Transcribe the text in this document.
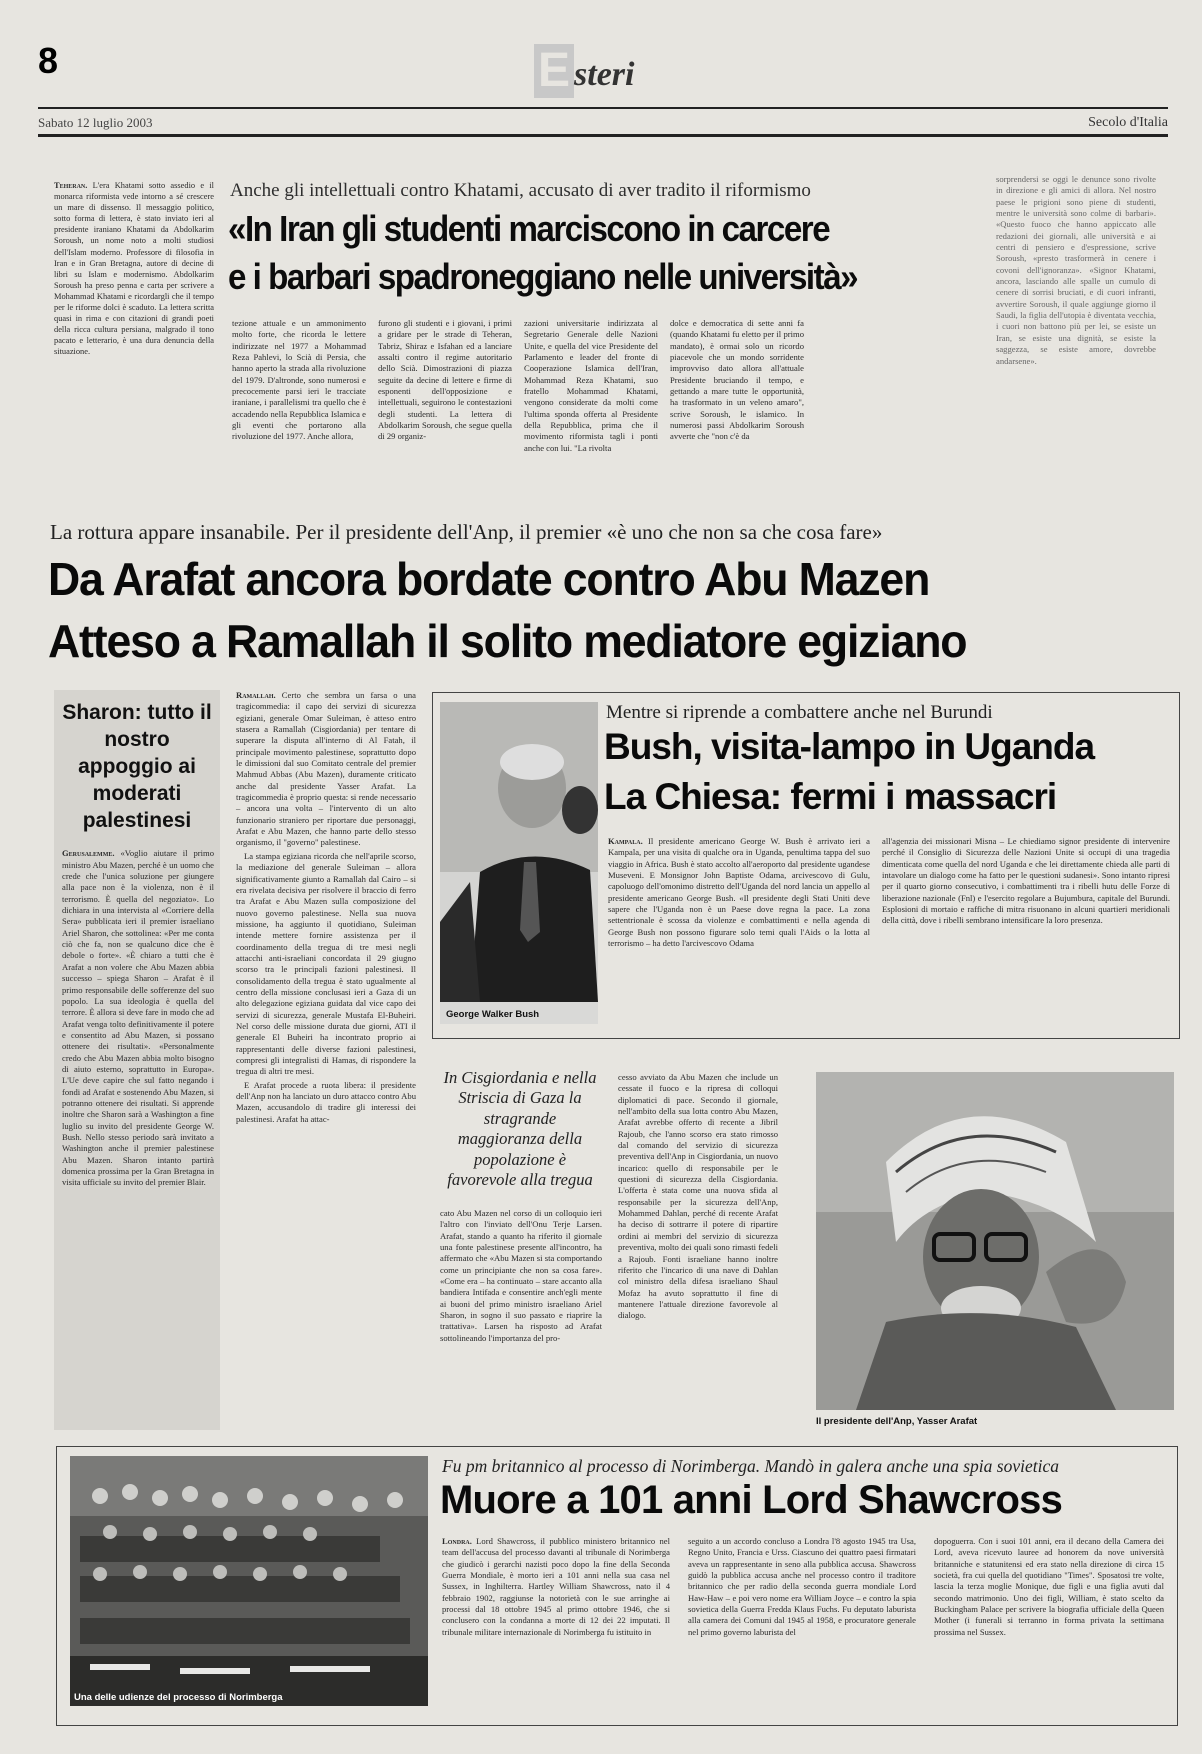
8	E steri
Sabato 12 luglio 2003	Secolo d'Italia
Teheran. L'era Khatami sotto assedio e il monarca riformista vede intorno a sé crescere un mare di dissenso. Il messaggio politico, sotto forma di lettera, è stato inviato ieri al presidente iraniano Khatami da Abdolkarim Soroush, un nome noto a molti studiosi dell'Islam moderno. Professore di filosofia in Iran e in Gran Bretagna, autore di decine di libri su Islam e modernismo. Abdolkarim Soroush ha preso penna e carta per scrivere a Mohammad Khatami e ricordargli che il tempo per le riforme dolci è scaduto. La lettera scritta quasi in rima e con citazioni di grandi poeti della ricca cultura persiana, malgrado il tono pacato e letterario, è una dura denuncia della situazione.
Anche gli intellettuali contro Khatami, accusato di aver tradito il riformismo
«In Iran gli studenti marciscono in carcere
e i barbari spadroneggiano nelle università»
tezione attuale e un ammonimento molto forte, che ricorda le lettere indirizzate nel 1977 a Mohammad Reza Pahlevi, lo Scià di Persia, che hanno aperto la strada alla rivoluzione del 1979. D'altronde, sono numerosi e precocemente parsi ieri le tracciate iraniane, i parallelismi tra quello che è accadendo nella Repubblica Islamica e gli eventi che portarono alla rivoluzione del 1977. Anche allora,
furono gli studenti e i giovani, i primi a gridare per le strade di Teheran, Tabriz, Shiraz e Isfahan ed a lanciare assalti contro il regime autoritario dello Scià. Dimostrazioni di piazza seguite da decine di lettere e firme di esponenti dell'opposizione e intellettuali, seguirono le contestazioni degli studenti. La lettera di Abdolkarim Soroush, che segue quella di 29 organiz-
zazioni universitarie indirizzata al Segretario Generale delle Nazioni Unite, e quella del vice Presidente del Parlamento e leader del fronte di Cooperazione Islamica dell'Iran, Mohammad Reza Khatami, suo fratello Mohammad Khatami, vengono considerate da molti come l'ultima sponda offerta al Presidente della Repubblica, prima che il movimento riformista tagli i ponti anche con lui. "La rivolta
dolce e democratica di sette anni fa (quando Khatami fu eletto per il primo mandato), è ormai solo un ricordo piacevole che un mondo sorridente improvviso dato allora all'attuale Presidente bruciando il tempo, e gettando a mare tutte le opportunità, ha trasformato in un veleno amaro", scrive Soroush, le islamico. In numerosi passi Abdolkarim Soroush avverte che "non c'è da
sorprendersi se oggi le denunce sono rivolte in direzione e gli amici di allora. Nel nostro paese le prigioni sono piene di studenti, mentre le università sono colme di barbari». «Questo fuoco che hanno appiccato alle redazioni dei giornali, alle università e ai centri di pensiero e d'espressione, scrive Soroush, «presto trasformerà in cenere i covoni dell'ignoranza». «Signor Khatami, ancora, lasciando alle spalle un cumulo di cenere di sorrisi bruciati, e di cuori infranti, avvertire Soroush, il quale aggiunge giorno il Saudi, la figlia dell'utopia è diventata vecchia, i cuori non battono più per lei, se esiste un Iran, se esiste una dignità, se esiste la saggezza, se esiste amore, dovrebbe andarsene».
La rottura appare insanabile. Per il presidente dell'Anp, il premier «è uno che non sa che cosa fare»
Da Arafat ancora bordate contro Abu Mazen
Atteso a Ramallah il solito mediatore egiziano
Sharon: tutto il nostro appoggio ai moderati palestinesi
Gerusalemme. «Voglio aiutare il primo ministro Abu Mazen, perché è un uomo che crede che l'unica soluzione per giungere alla pace non è la violenza, non è il terrorismo. È quella del negoziato». Lo dichiara in una intervista al «Corriere della Sera» pubblicata ieri il premier israeliano Ariel Sharon, che sottolinea: «Per me conta ciò che fa, non se qualcuno dice che è debole o forte». «È chiaro a tutti che è Arafat a non volere che Abu Mazen abbia successo – spiega Sharon – Arafat è il primo responsabile delle sofferenze del suo popolo. La sua ideologia è quella del terrore. È allora si deve fare in modo che ad Arafat venga tolto definitivamente il potere e consentito ad Abu Mazen, si possano ottenere dei risultati». «Personalmente credo che Abu Mazen abbia molto bisogno di aiuto esterno, soprattutto in Europa». L'Ue deve capire che sul fatto negando i fondi ad Arafat e sostenendo Abu Mazen, si potranno ottenere dei risultati. Si apprende inoltre che Sharon sarà a Washington a fine luglio su invito del presidente George W. Bush. Nello stesso periodo sarà invitato a Washington anche il premier palestinese Abu Mazen. Sharon intanto partirà domenica prossima per la Gran Bretagna in visita ufficiale su invito del premier Blair.

Ramallah. Certo che sembra un farsa o una tragicommedia: il capo dei servizi di sicurezza egiziani, generale Omar Suleiman, è atteso entro stasera a Ramallah (Cisgiordania) per tentare di superare la disputa all'interno di Al Fatah, il principale movimento palestinese, soprattutto dopo le dimissioni dal suo Comitato centrale del premier Mahmud Abbas (Abu Mazen), duramente criticato anche dal presidente Yasser Arafat. La tragicommedia è proprio questa: si rende necessario – ancora una volta – l'intervento di un alto funzionario straniero per riportare due personaggi, Arafat e Abu Mazen, che hanno parte dello stesso organismo, il "governo" palestinese.

La stampa egiziana ricorda che nell'aprile scorso, la mediazione del generale Suleiman – allora significativamente giunto a Ramallah dal Cairo – si era rivelata decisiva per risolvere il braccio di ferro tra Arafat e Abu Mazen sulla composizione del nuovo governo palestinese. Nella sua nuova missione, ha aggiunto il quotidiano, Suleiman intende mettere fornire assistenza per il coordinamento della tregua di tre mesi negli attacchi anti-israeliani concordata il 29 giugno scorso tra le principali fazioni palestinesi. Il consolidamento della tregua è stato ugualmente al centro della missione conclusasi ieri a Gaza di un alto delegazione egiziana guidata dal vice capo dei servizi di sicurezza, generale Mustafa El-Buheiri. Nel corso delle missione durata due giorni, ATI il generale El Buheiri ha incontrato proprio ai rappresentanti delle diverse fazioni palestinesi, compresi gli integralisti di Hamas, di rispondere la tregua di altri tre mesi.

E Arafat procede a ruota libera: il presidente dell'Anp non ha lanciato un duro attacco contro Abu Mazen, accusandolo di tradire gli interessi dei palestinesi. Arafat ha attac-

George Walker Bush
Mentre si riprende a combattere anche nel Burundi
Bush, visita-lampo in Uganda
La Chiesa: fermi i massacri
Kampala. Il presidente americano George W. Bush è arrivato ieri a Kampala, per una visita di qualche ora in Uganda, penultima tappa del suo viaggio in Africa. Bush è stato accolto all'aeroporto dal presidente ugandese Museveni. E Monsignor John Baptiste Odama, arcivescovo di Gulu, capoluogo dell'omonimo distretto dell'Uganda del nord lancia un appello al presidente americano George Bush. «Il presidente degli Stati Uniti deve sapere che l'Uganda non è un Paese dove regna la pace. La zona settentrionale è scossa da violenze e combattimenti e nella agenda di George Bush non possono figurare solo temi quali l'Aids o la lotta al terrorismo – ha detto l'arcivescovo Odama
all'agenzia dei missionari Misna – Le chiediamo signor presidente di intervenire perché il Consiglio di Sicurezza delle Nazioni Unite si occupi di una tragedia dimenticata come quella del nord Uganda e che lei direttamente chieda alle parti di intavolare un dialogo come ha fatto per le questioni sudanesi». Sono intanto ripresi per il quarto giorno consecutivo, i combattimenti tra i ribelli hutu delle Forze di liberazione nazionale (Fnl) e l'esercito regolare a Bujumbura, capitale del Burundi. Esplosioni di mortaio e raffiche di mitra risuonano in alcuni quartieri meridionali della città, dove i ribelli sembrano intensificare la loro presenza.
In Cisgiordania e nella Striscia di Gaza la stragrande maggioranza della popolazione è favorevole alla tregua
cato Abu Mazen nel corso di un colloquio ieri l'altro con l'inviato dell'Onu Terje Larsen. Arafat, stando a quanto ha riferito il giornale una fonte palestinese presente all'incontro, ha affermato che «Abu Mazen si sta comportando come un principiante che non sa cosa fare». «Come era – ha continuato – stare accanto alla bandiera Intifada e consentire anch'egli mente ai buoni del primo ministro israeliano Ariel Sharon, in sogno il suo passato e riaprire la trattativa». Larsen ha risposto ad Arafat sottolineando l'importanza del pro-
cesso avviato da Abu Mazen che include un cessate il fuoco e la ripresa di colloqui diplomatici di pace. Secondo il giornale, nell'ambito della sua lotta contro Abu Mazen, Arafat avrebbe offerto di recente a Jibril Rajoub, che l'anno scorso era stato rimosso dal comando del servizio di sicurezza preventiva dell'Anp in Cisgiordania, un nuovo incarico: quello di responsabile per le questioni di sicurezza della Cisgiordania. L'offerta è stata come una nuova sfida al responsabile per la sicurezza dell'Anp, Mohammed Dahlan, perché di recente Arafat ha deciso di sottrarre il potere di ripartire ordini ai membri del servizio di sicurezza preventiva, molto dei quali sono rimasti fedeli a Rajoub. Fonti israeliane hanno inoltre riferito che l'incarico di una nave di Dahlan col ministro della difesa israeliano Shaul Mofaz ha avuto soprattutto il fine di mantenere l'attuale direzione favorevole al dialogo.
Il presidente dell'Anp, Yasser Arafat
Una delle udienze del processo di Norimberga
Fu pm britannico al processo di Norimberga. Mandò in galera anche una spia sovietica
Muore a 101 anni Lord Shawcross
Londra. Lord Shawcross, il pubblico ministero britannico nel team dell'accusa del processo davanti al tribunale di Norimberga che giudicò i gerarchi nazisti poco dopo la fine della Seconda Guerra Mondiale, è morto ieri a 101 anni nella sua casa nel Sussex, in Inghilterra. Hartley William Shawcross, nato il 4 febbraio 1902, raggiunse la notorietà con le sue arringhe ai processi dal 18 ottobre 1945 al primo ottobre 1946, che si conclusero con la condanna a morte di 12 dei 22 imputati. Il tribunale militare internazionale di Norimberga fu istituito in
seguito a un accordo concluso a Londra l'8 agosto 1945 tra Usa, Regno Unito, Francia e Urss. Ciascuno dei quattro paesi firmatari aveva un rappresentante in seno alla pubblica accusa. Shawcross guidò la pubblica accusa anche nel processo contro il traditore britannico che per radio della seconda guerra mondiale Lord Haw-Haw – e poi vero nome era William Joyce – e contro la spia sovietica della Guerra Fredda Klaus Fuchs. Fu deputato laburista alla camera dei Comuni dal 1945 al 1958, e procuratore generale nel primo governo laburista del
dopoguerra. Con i suoi 101 anni, era il decano della Camera dei Lord, aveva ricevuto lauree ad honorem da nove università britanniche e statunitensi ed era stato nella direzione di circa 15 società, fra cui quella del quotidiano "Times". Sposatosi tre volte, lascia la terza moglie Monique, due figli e una figlia avuti dal secondo matrimonio. Uno dei figli, William, è stato scelto da Buckingham Palace per scrivere la biografia ufficiale della Queen Mother (i funerali si terranno in forma privata la settimana prossima nel Sussex.
